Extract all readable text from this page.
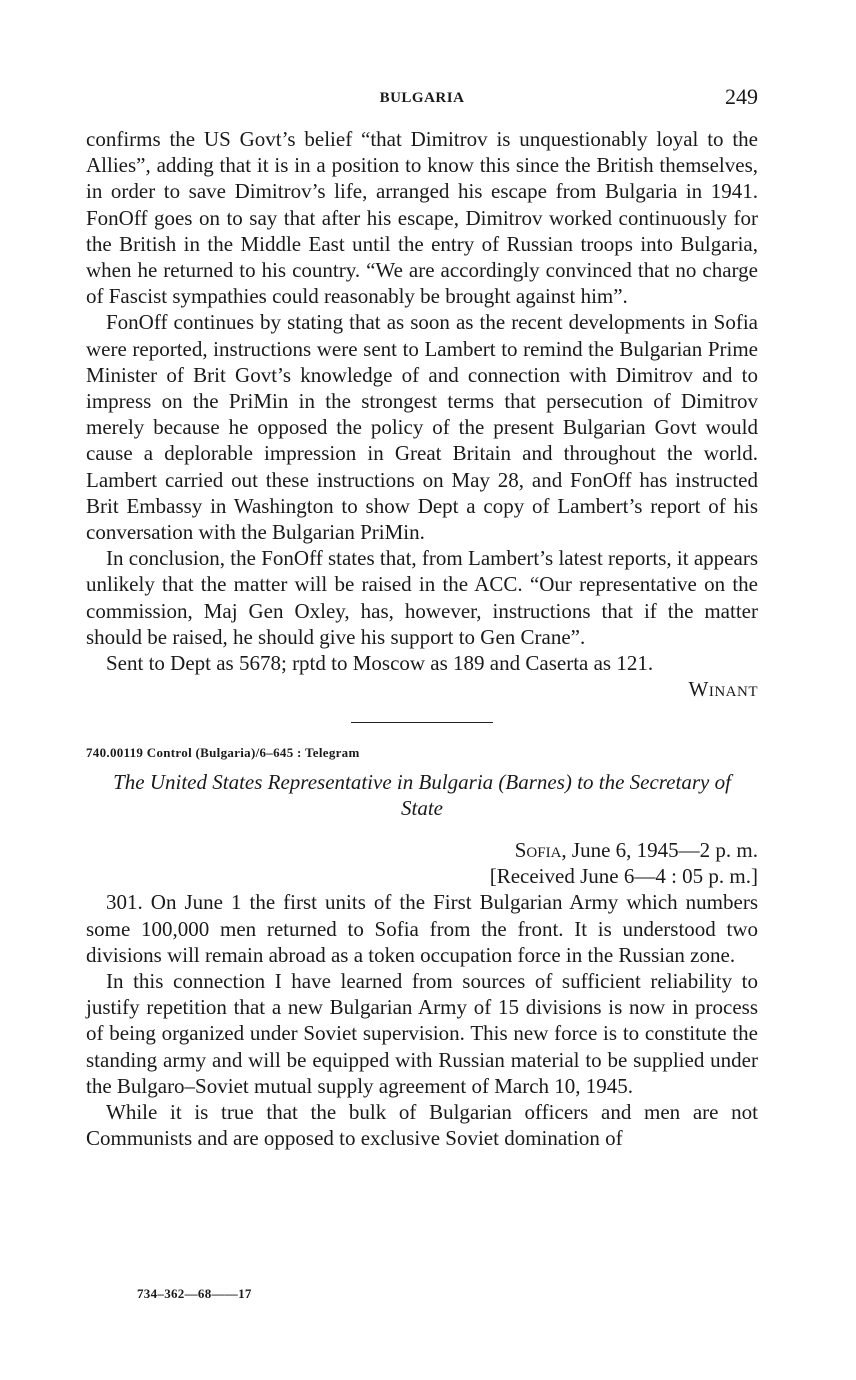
BULGARIA	249

confirms the US Govt’s belief “that Dimitrov is unquestionably loyal to the Allies”, adding that it is in a position to know this since the British themselves, in order to save Dimitrov’s life, arranged his escape from Bulgaria in 1941. FonOff goes on to say that after his escape, Dimitrov worked continuously for the British in the Middle East until the entry of Russian troops into Bulgaria, when he returned to his country. “We are accordingly convinced that no charge of Fascist sympathies could reasonably be brought against him”.

FonOff continues by stating that as soon as the recent developments in Sofia were reported, instructions were sent to Lambert to remind the Bulgarian Prime Minister of Brit Govt’s knowledge of and connection with Dimitrov and to impress on the PriMin in the strongest terms that persecution of Dimitrov merely because he opposed the policy of the present Bulgarian Govt would cause a deplorable impression in Great Britain and throughout the world. Lambert carried out these instructions on May 28, and FonOff has instructed Brit Embassy in Washington to show Dept a copy of Lambert’s report of his conversation with the Bulgarian PriMin.

In conclusion, the FonOff states that, from Lambert’s latest reports, it appears unlikely that the matter will be raised in the ACC. “Our representative on the commission, Maj Gen Oxley, has, however, instructions that if the matter should be raised, he should give his support to Gen Crane”.

Sent to Dept as 5678; rptd to Moscow as 189 and Caserta as 121.

Winant
740.00119 Control (Bulgaria)/6–645 : Telegram
The United States Representative in Bulgaria (Barnes) to the Secretary of State
Sofia, June 6, 1945—2 p. m.
[Received June 6—4 : 05 p. m.]

301. On June 1 the first units of the First Bulgarian Army which numbers some 100,000 men returned to Sofia from the front. It is understood two divisions will remain abroad as a token occupation force in the Russian zone.

In this connection I have learned from sources of sufficient reliability to justify repetition that a new Bulgarian Army of 15 divisions is now in process of being organized under Soviet supervision. This new force is to constitute the standing army and will be equipped with Russian material to be supplied under the Bulgaro–Soviet mutual supply agreement of March 10, 1945.

While it is true that the bulk of Bulgarian officers and men are not Communists and are opposed to exclusive Soviet domination of

734–362—68——17
